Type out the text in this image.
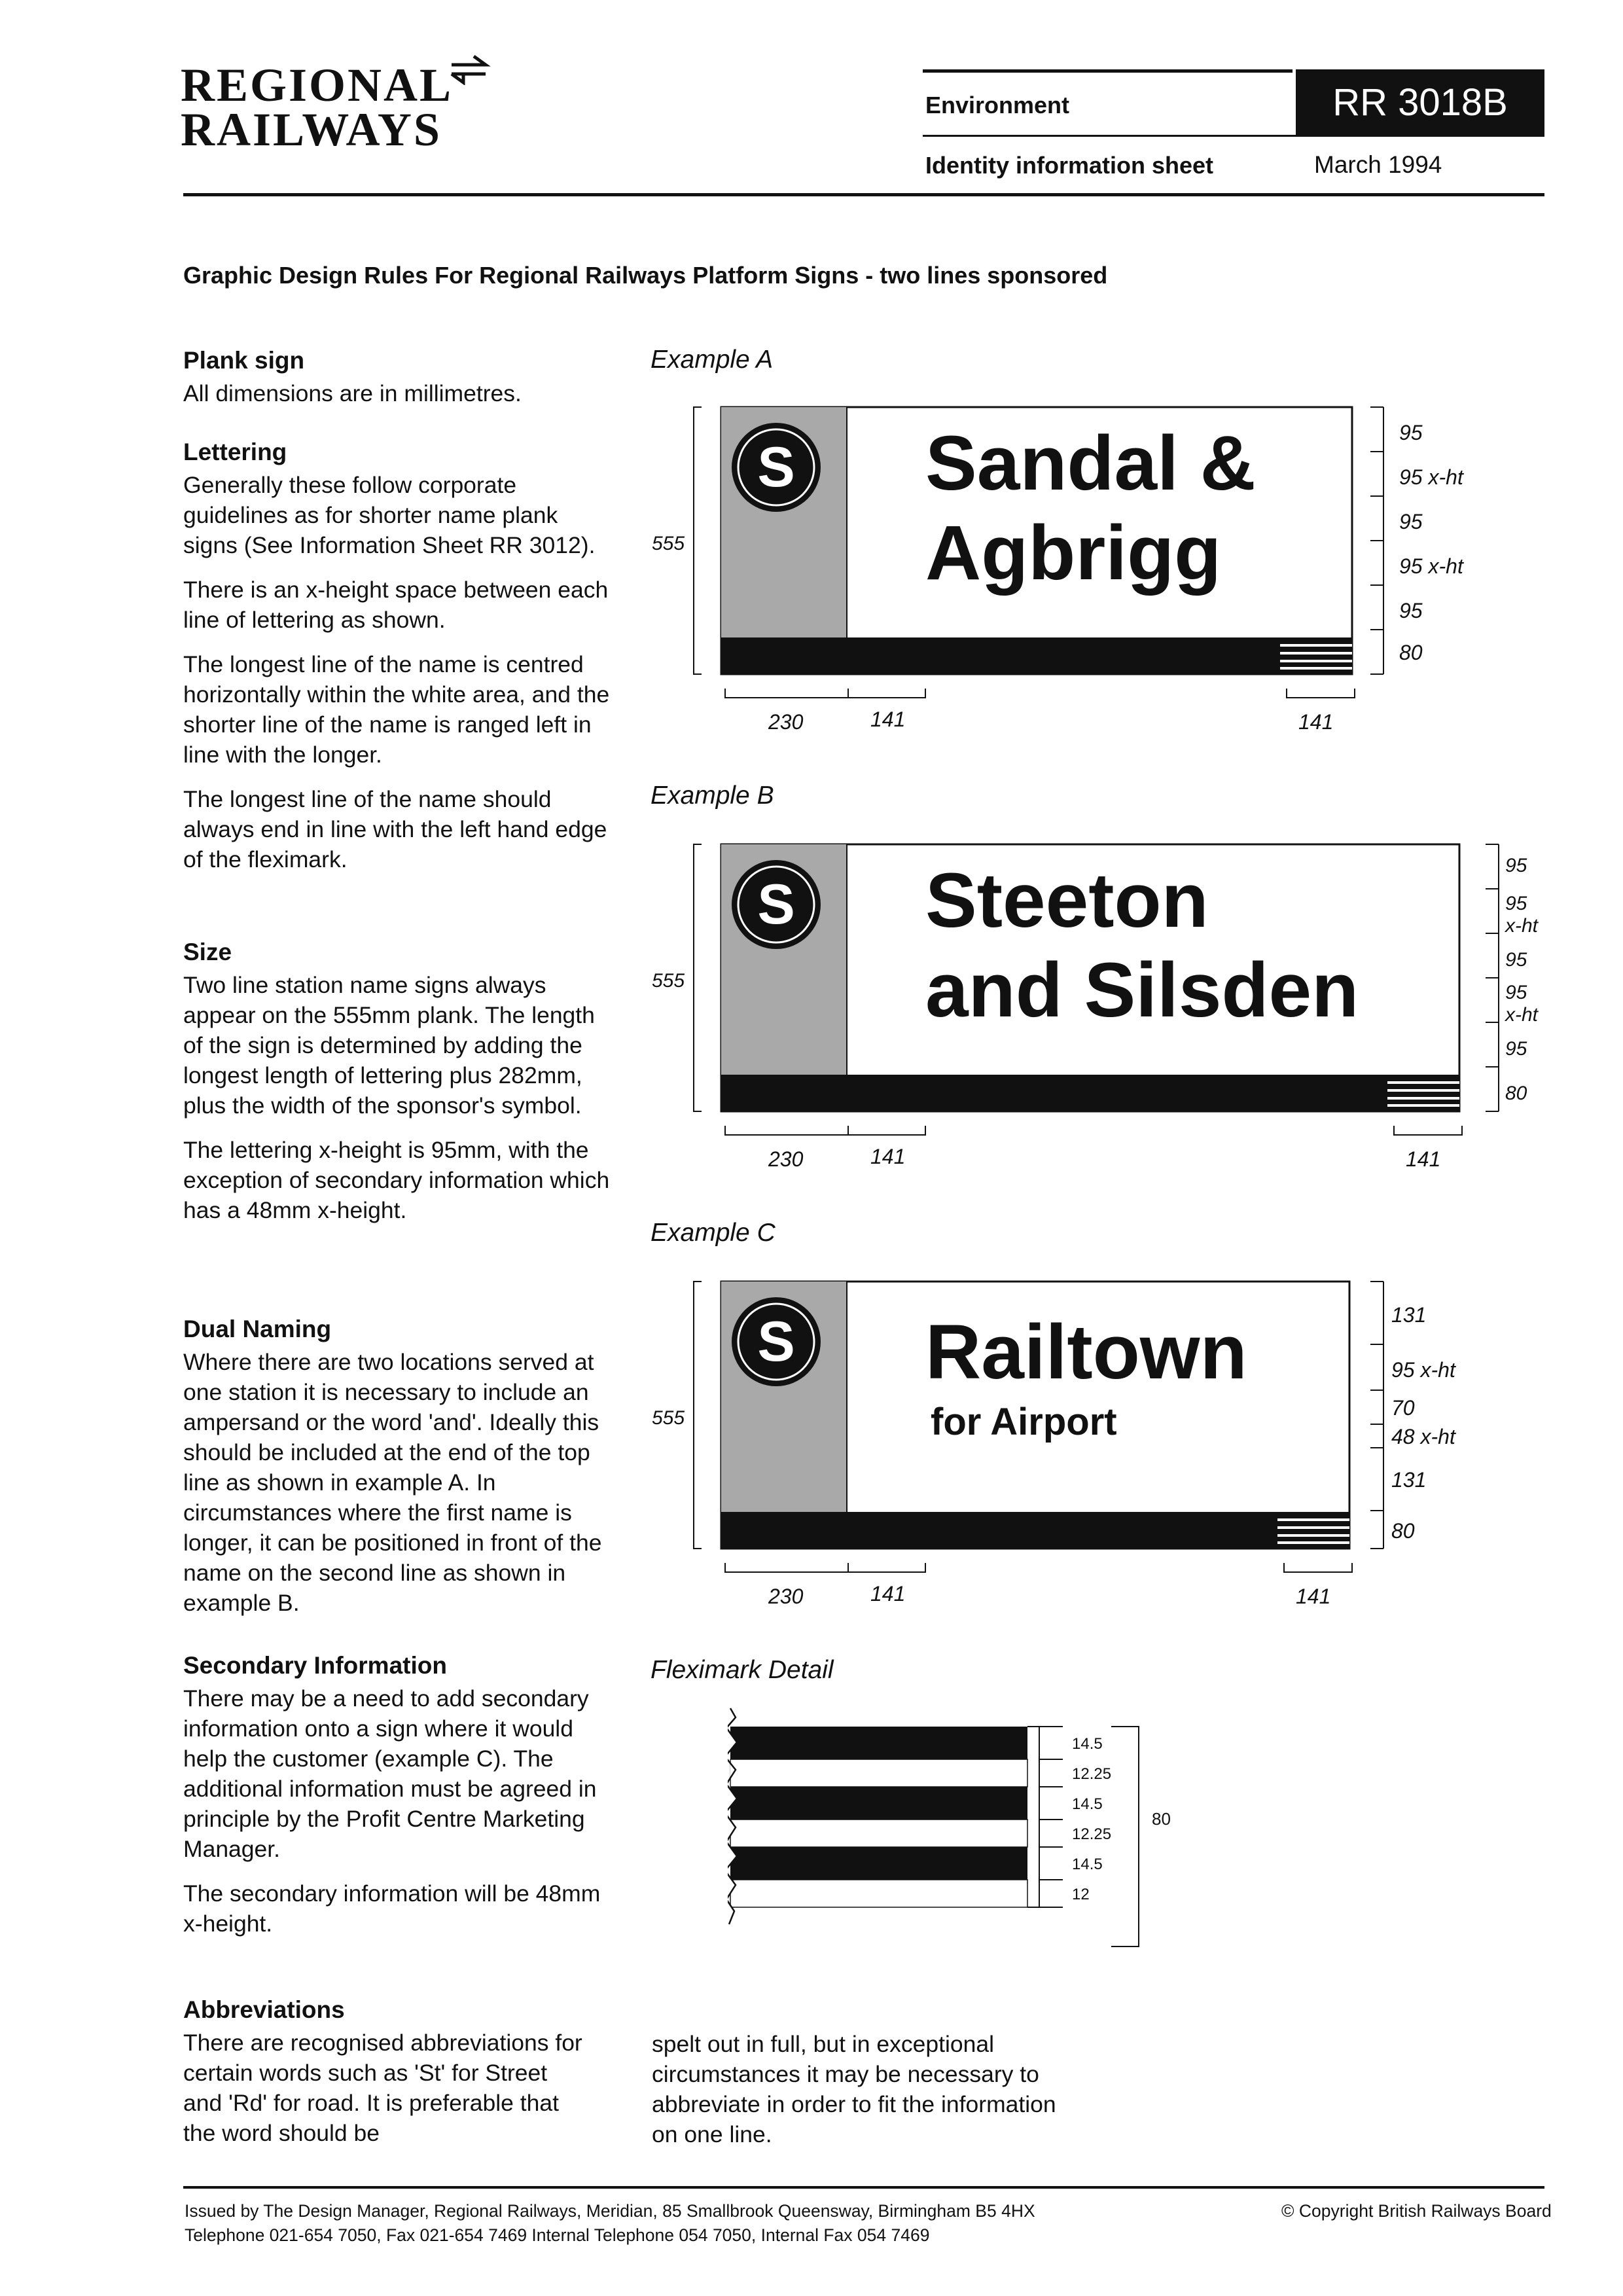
REGIONAL
RAILWAYS	Environment	RR 3018B
Identity information sheet	March 1994
Graphic Design Rules For Regional Railways Platform Signs - two lines sponsored
Plank sign

All dimensions are in millimetres.

Lettering

Generally these follow corporate guidelines as for shorter name plank signs (See Information Sheet RR 3012).

There is an x-height space between each line of lettering as shown.

The longest line of the name is centred horizontally within the white area, and the shorter line of the name is ranged left in line with the longer.

The longest line of the name should always end in line with the left hand edge of the fleximark.

Size

Two line station name signs always appear on the 555mm plank. The length of the sign is determined by adding the longest length of lettering plus 282mm, plus the width of the sponsor's symbol.

The lettering x-height is 95mm, with the exception of secondary information which has a 48mm x-height.

Dual Naming

Where there are two locations served at one station it is necessary to include an ampersand or the word 'and'. Ideally this should be included at the end of the top line as shown in example A. In circumstances where the first name is longer, it can be positioned in front of the name on the second line as shown in example B.

Secondary Information

There may be a need to add secondary information onto a sign where it would help the customer (example C). The additional information must be agreed in principle by the Profit Centre Marketing Manager.

The secondary information will be 48mm x-height.

Abbreviations

There are recognised abbreviations for certain words such as 'St' for Street and 'Rd' for road. It is preferable that the word should be

spelt out in full, but in exceptional circumstances it may be necessary to abbreviate in order to fit the information on one line.

Example A
555
S Sandal &
Agbrigg
95
95 x-ht
95
95 x-ht
95
80
230	141	141
Example B
555
S Steeton
and Silsden
95
95
x-ht
95
95
x-ht
95
80
230	141	141
Example C
555
S Railtown
for Airport
131
95 x-ht
70
48 x-ht
131
80
230	141	141
Fleximark Detail
14.5
12.25
14.5
12.25
14.5
12
80
Issued by The Design Manager, Regional Railways, Meridian, 85 Smallbrook Queensway, Birmingham B5 4HX
Telephone 021-654 7050, Fax 021-654 7469 Internal Telephone 054 7050, Internal Fax 054 7469
© Copyright British Railways Board
